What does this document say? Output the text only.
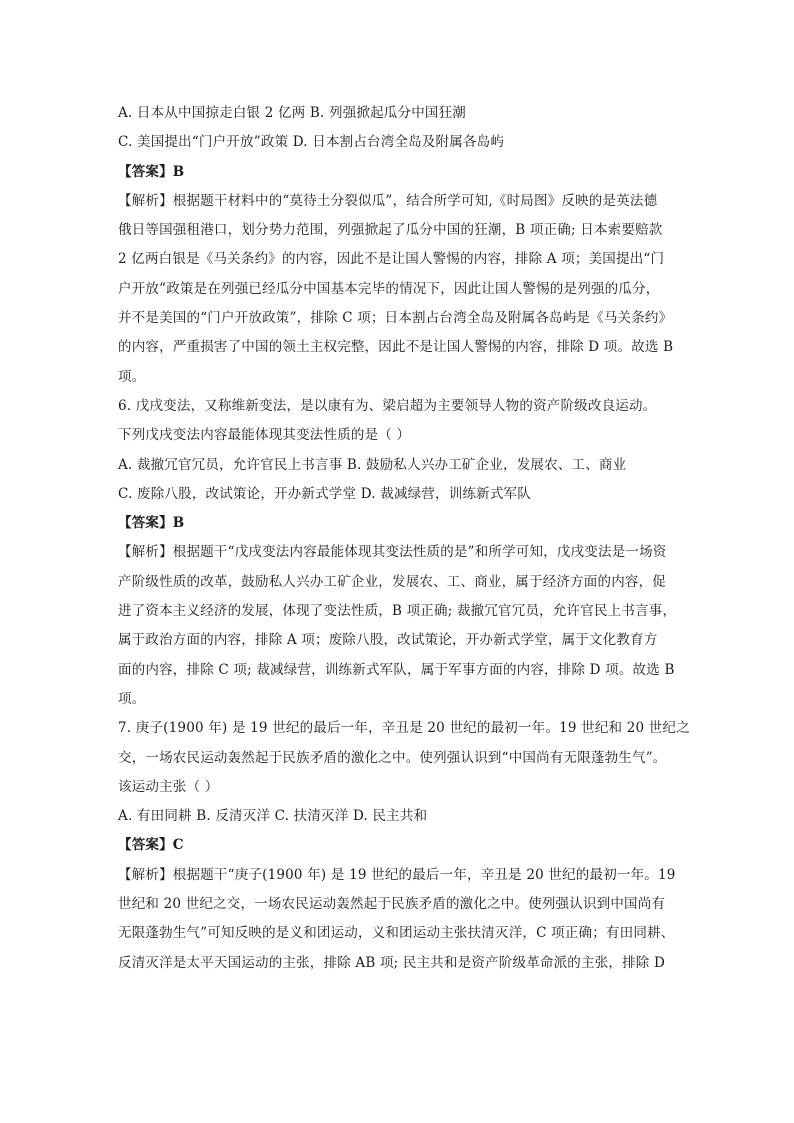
A. 日本从中国掠走白银 2 亿两 B. 列强掀起瓜分中国狂潮
C. 美国提出“门户开放”政策 D. 日本割占台湾全岛及附属各岛屿
【答案】B
【解析】根据题干材料中的“莫待土分裂似瓜”，结合所学可知,《时局图》反映的是英法德
俄日等国强租港口，划分势力范围，列强掀起了瓜分中国的狂潮，B 项正确; 日本索要赔款
2 亿两白银是《马关条约》的内容，因此不是让国人警惕的内容，排除 A 项；美国提出“门
户开放”政策是在列强已经瓜分中国基本完毕的情况下，因此让国人警惕的是列强的瓜分，
并不是美国的“门户开放政策”，排除 C 项；日本割占台湾全岛及附属各岛屿是《马关条约》
的内容，严重损害了中国的领土主权完整，因此不是让国人警惕的内容，排除 D 项。故选 B
项。
6. 戊戌变法，又称维新变法，是以康有为、梁启超为主要领导人物的资产阶级改良运动。
下列戊戌变法内容最能体现其变法性质的是（ ）
A. 裁撤冗官冗员，允许官民上书言事 B. 鼓励私人兴办工矿企业，发展农、工、商业
C. 废除八股，改试策论，开办新式学堂 D. 裁减绿营，训练新式军队
【答案】B
【解析】根据题干“戊戌变法内容最能体现其变法性质的是”和所学可知，戊戌变法是一场资
产阶级性质的改革，鼓励私人兴办工矿企业，发展农、工、商业，属于经济方面的内容，促
进了资本主义经济的发展，体现了变法性质，B 项正确; 裁撤冗官冗员，允许官民上书言事，
属于政治方面的内容，排除 A 项；废除八股，改试策论，开办新式学堂，属于文化教育方
面的内容，排除 C 项; 裁减绿营，训练新式军队，属于军事方面的内容，排除 D 项。故选 B
项。
7. 庚子(1900 年) 是 19 世纪的最后一年，辛丑是 20 世纪的最初一年。19 世纪和 20 世纪之
交，一场农民运动轰然起于民族矛盾的激化之中。使列强认识到“中国尚有无限蓬勃生气”。
该运动主张（ ）
A. 有田同耕 B. 反清灭洋 C. 扶清灭洋 D. 民主共和
【答案】C
【解析】根据题干“庚子(1900 年) 是 19 世纪的最后一年，辛丑是 20 世纪的最初一年。19
世纪和 20 世纪之交，一场农民运动轰然起于民族矛盾的激化之中。使列强认识到中国尚有
无限蓬勃生气”可知反映的是义和团运动，义和团运动主张扶清灭洋，C 项正确；有田同耕、
反清灭洋是太平天国运动的主张，排除 AB 项; 民主共和是资产阶级革命派的主张，排除 D
